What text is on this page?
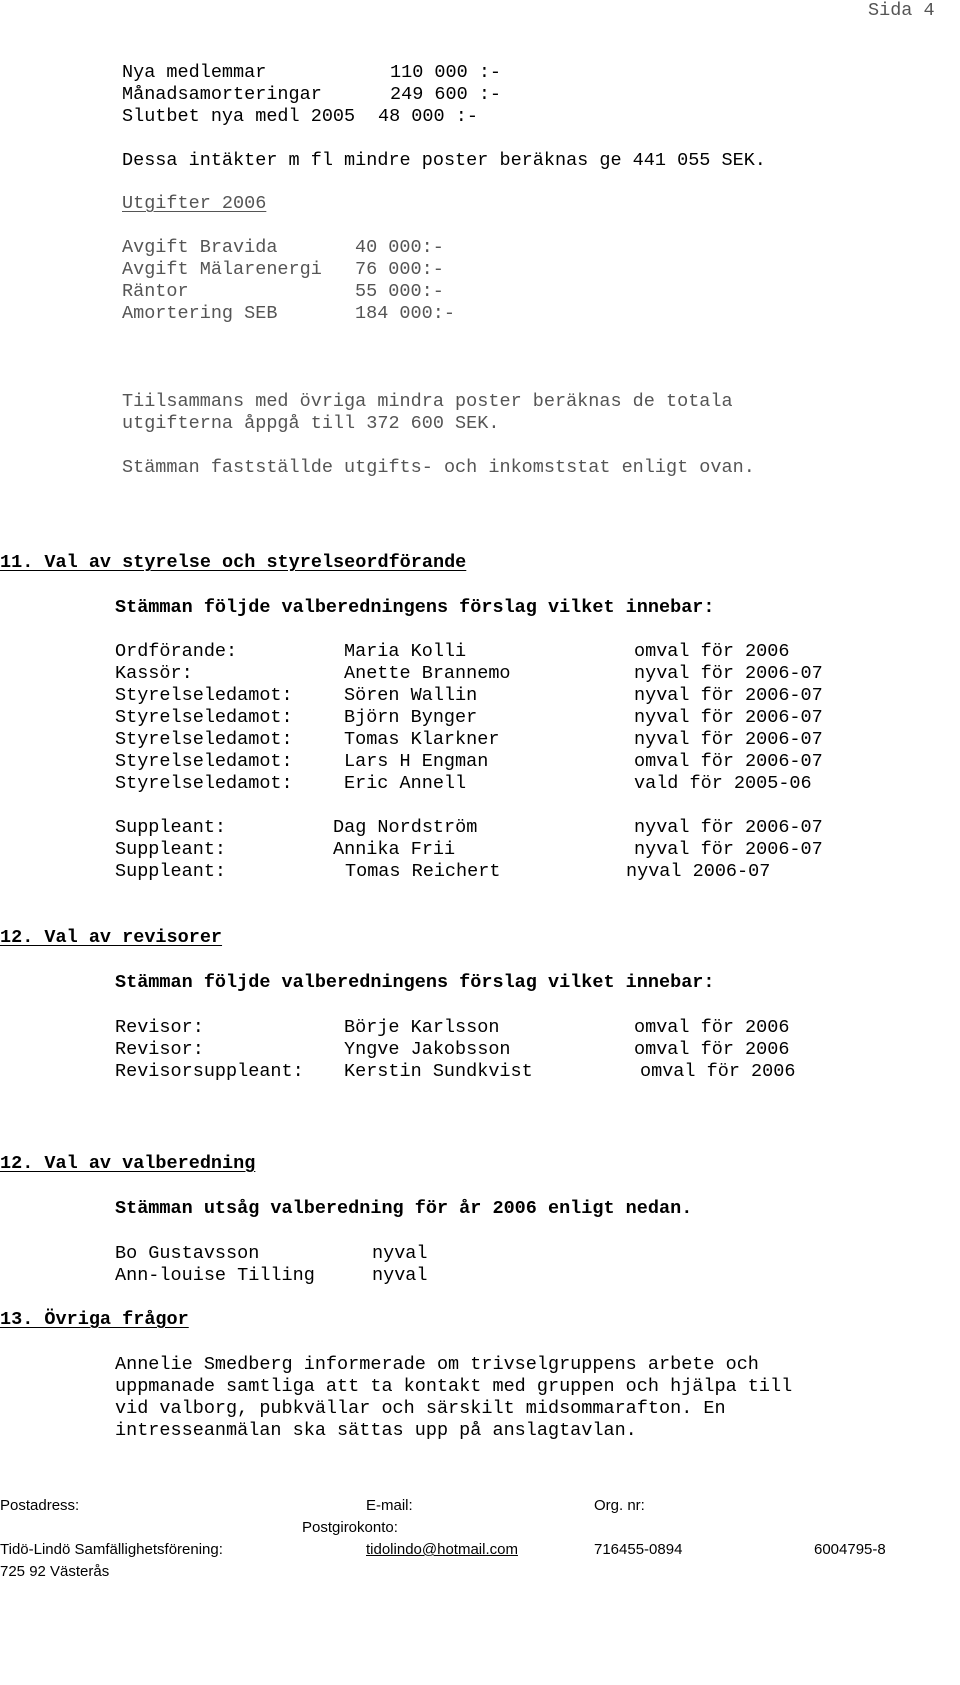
Sida 4
Nya medlemmar	110 000 :-
Månadsamorteringar	249 600 :-
Slutbet nya medl 2005 48 000 :-
Dessa intäkter m fl mindre poster beräknas ge 441 055 SEK.
Utgifter 2006
Avgift Bravida	40 000:-
Avgift Mälarenergi 76 000:-
Räntor	55 000:-
Amortering SEB	184 000:-
Tiilsammans med övriga mindra poster beräknas de totala
utgifterna åppgå till 372 600 SEK.
Stämman fastställde utgifts- och inkomststat enligt ovan.
11. Val av styrelse och styrelseordförande
Stämman följde valberedningens förslag vilket innebar:
Ordförande:	Maria Kolli	omval för 2006
Kassör:	Anette Brannemo	nyval för 2006-07
Styrelseledamot:	Sören Wallin	nyval för 2006-07
Styrelseledamot:	Björn Bynger	nyval för 2006-07
Styrelseledamot:	Tomas Klarkner	nyval för 2006-07
Styrelseledamot:	Lars H Engman	omval för 2006-07
Styrelseledamot:	Eric Annell	vald för 2005-06
Suppleant:	Dag Nordström	nyval för 2006-07
Suppleant:	Annika Frii	nyval för 2006-07
Suppleant:	Tomas Reichert	nyval 2006-07
12. Val av revisorer
Stämman följde valberedningens förslag vilket innebar:
Revisor:	Börje Karlsson	omval för 2006
Revisor:	Yngve Jakobsson	omval för 2006
Revisorsuppleant: Kerstin Sundkvist	omval för 2006
12. Val av valberedning
Stämman utsåg valberedning för år 2006 enligt nedan.
Bo Gustavsson	nyval
Ann-louise Tilling	nyval
13. Övriga frågor
Annelie Smedberg informerade om trivselgruppens arbete och
uppmanade samtliga att ta kontakt med gruppen och hjälpa till
vid valborg, pubkvällar och särskilt midsommarafton. En
intresseanmälan ska sättas upp på anslagtavlan.
Postadress:	E-mail:	Org. nr:
Postgirokonto:
Tidö-Lindö Samfällighetsförening:	tidolindo@hotmail.com	716455-0894	6004795-8
725 92 Västerås
